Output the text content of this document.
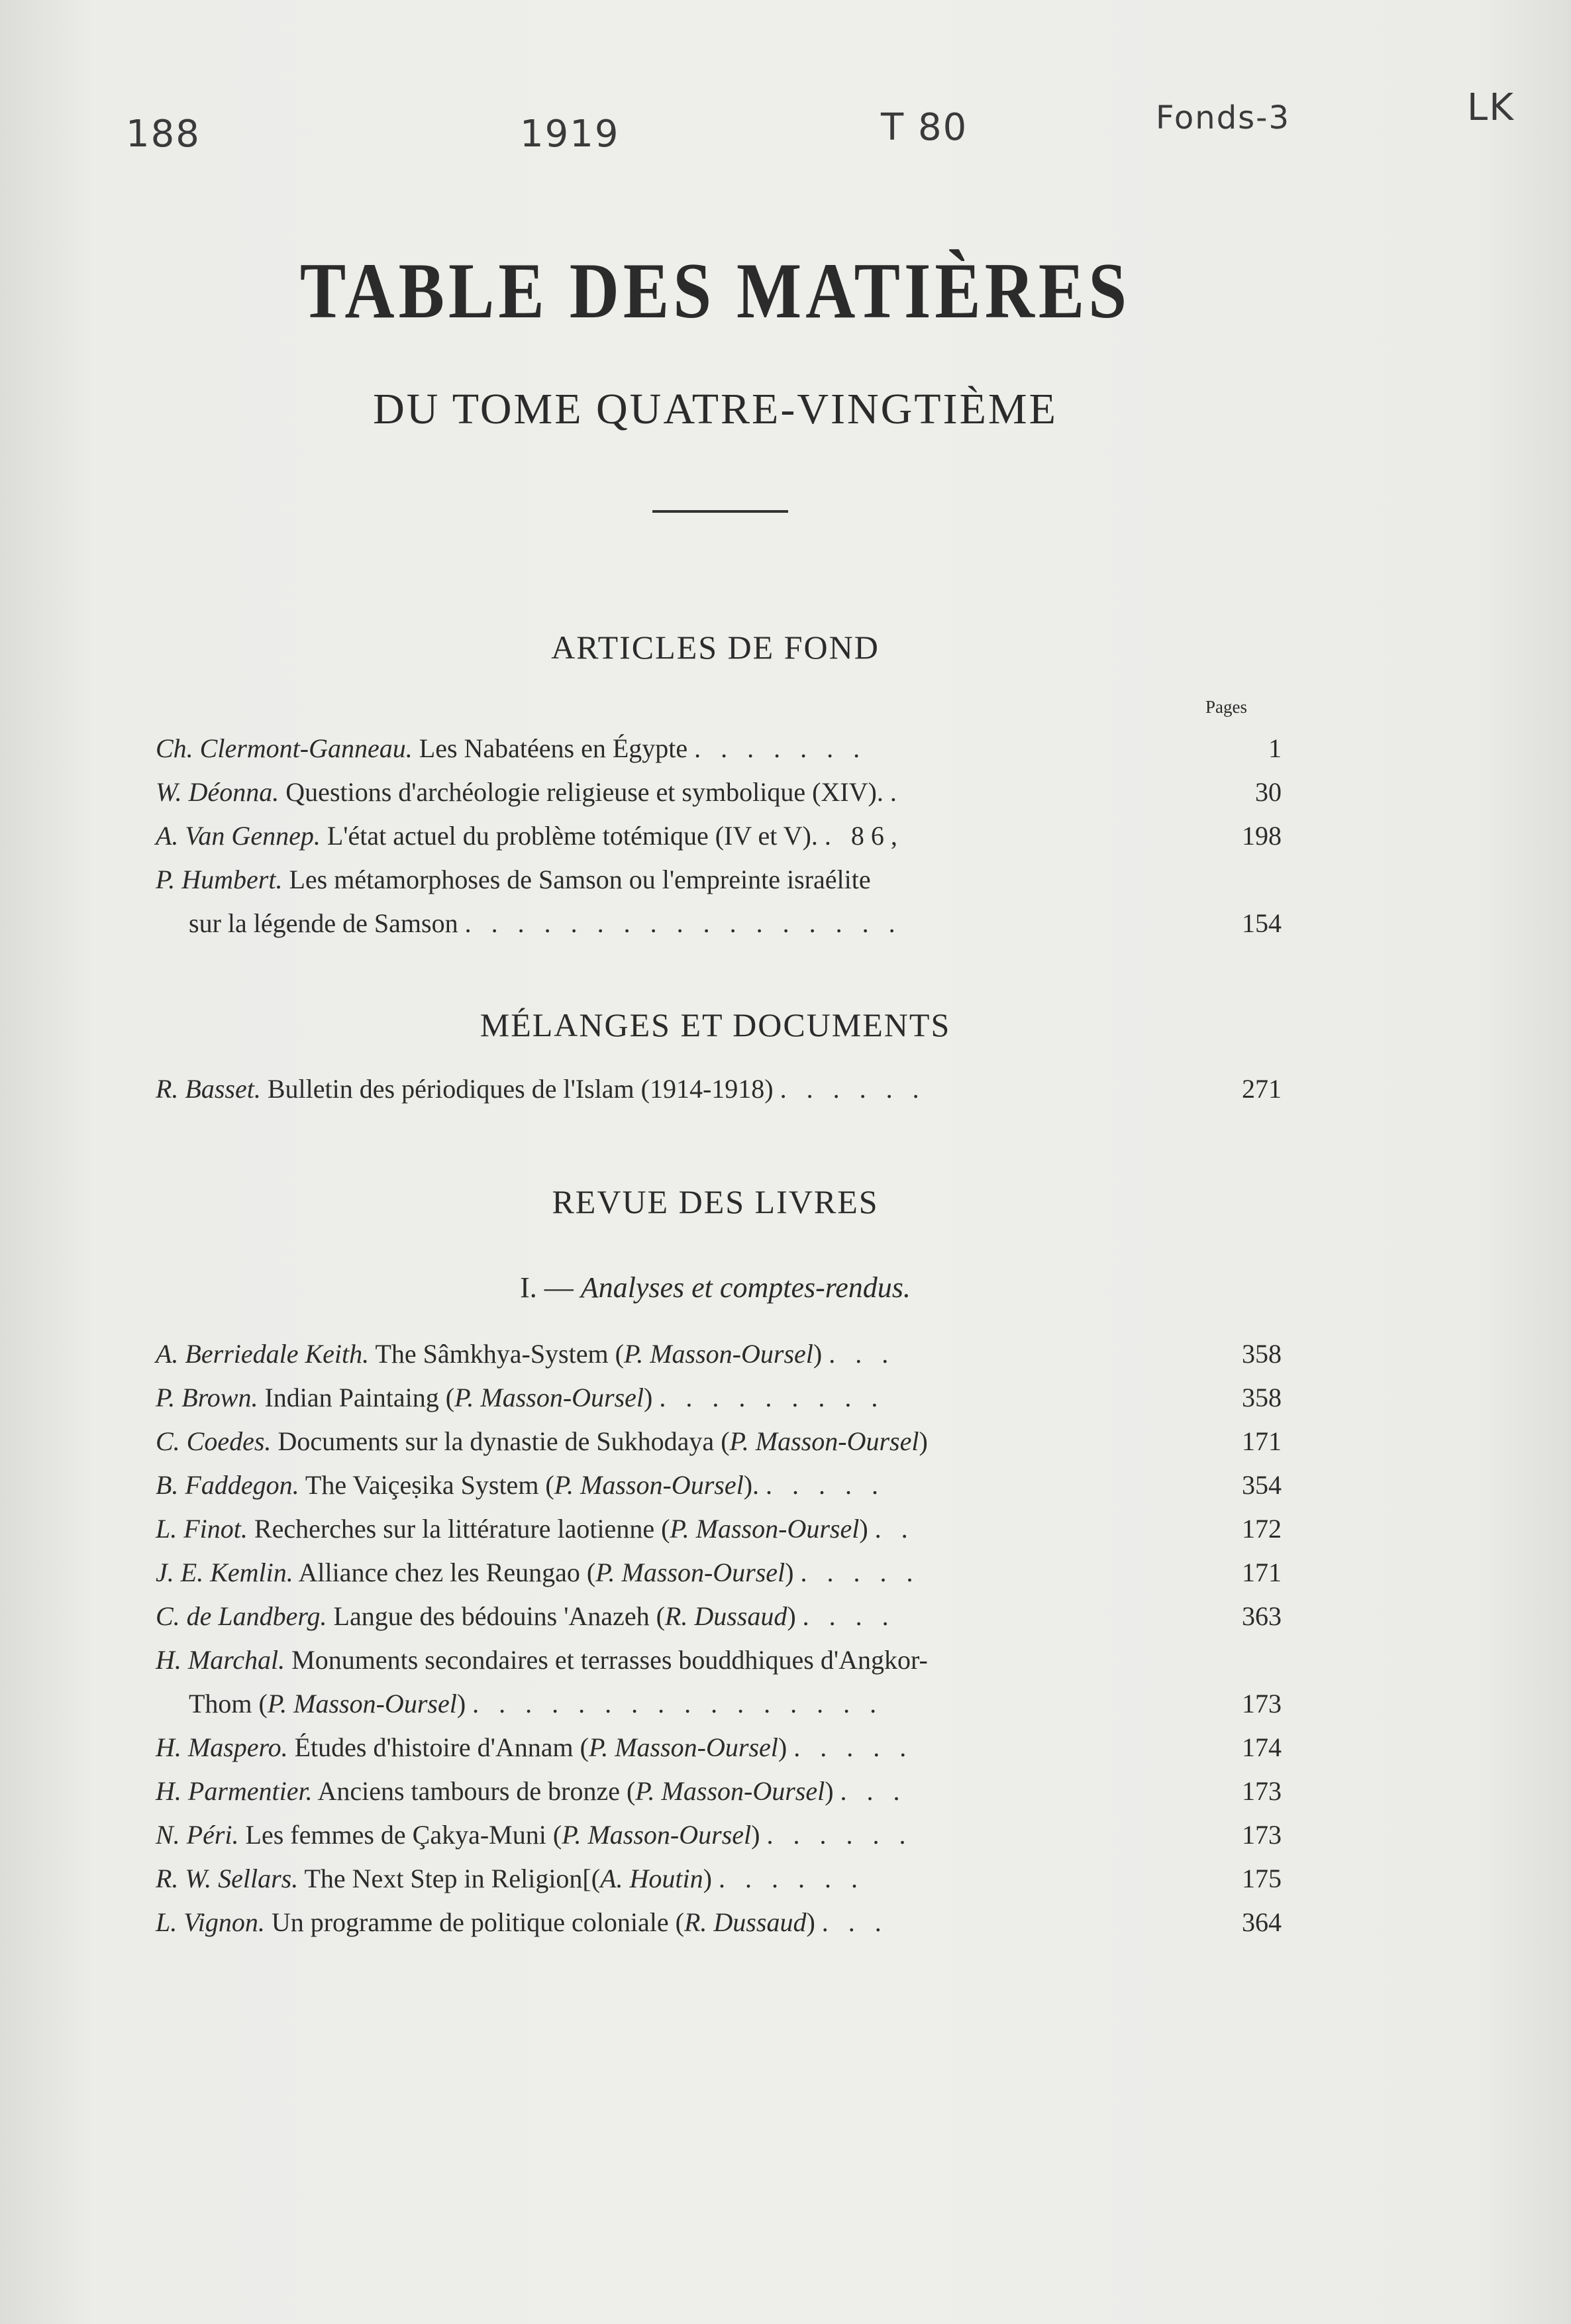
188	1919	T 80	Fonds-3	LK
TABLE DES MATIÈRES
DU TOME QUATRE-VINGTIÈME
ARTICLES DE FOND
Pages
Ch. Clermont-Ganneau. Les Nabatéens en Égypte . . . . . . .	1
W. Déonna. Questions d'archéologie religieuse et symbolique (XIV). .	30
A. Van Gennep. L'état actuel du problème totémique (IV et V). . 86,	198
P. Humbert. Les métamorphoses de Samson ou l'empreinte israélite
sur la légende de Samson . . . . . . . . . . . . . . . . .	154
MÉLANGES ET DOCUMENTS
R. Basset. Bulletin des périodiques de l'Islam (1914-1918) . . . . . .	271
REVUE DES LIVRES
I. — Analyses et comptes-rendus.
A. Berriedale Keith. The Sâmkhya-System (P. Masson-Oursel) . . .	358
P. Brown. Indian Paintaing (P. Masson-Oursel) . . . . . . . . .	358
C. Coedes. Documents sur la dynastie de Sukhodaya (P. Masson-Oursel)	171
B. Faddegon. The Vaiçeṣika System (P. Masson-Oursel). . . . . .	354
L. Finot. Recherches sur la littérature laotienne (P. Masson-Oursel) . .	172
J. E. Kemlin. Alliance chez les Reungao (P. Masson-Oursel) . . . . .	171
C. de Landberg. Langue des bédouins 'Anazeh (R. Dussaud) . . . .	363
H. Marchal. Monuments secondaires et terrasses bouddhiques d'Angkor-
Thom (P. Masson-Oursel) . . . . . . . . . . . . . . . .	173
H. Maspero. Études d'histoire d'Annam (P. Masson-Oursel) . . . . .	174
H. Parmentier. Anciens tambours de bronze (P. Masson-Oursel) . . .	173
N. Péri. Les femmes de Çakya-Muni (P. Masson-Oursel) . . . . . .	173
R. W. Sellars. The Next Step in Religion[(A. Houtin) . . . . . .	175
L. Vignon. Un programme de politique coloniale (R. Dussaud) . . .	364
